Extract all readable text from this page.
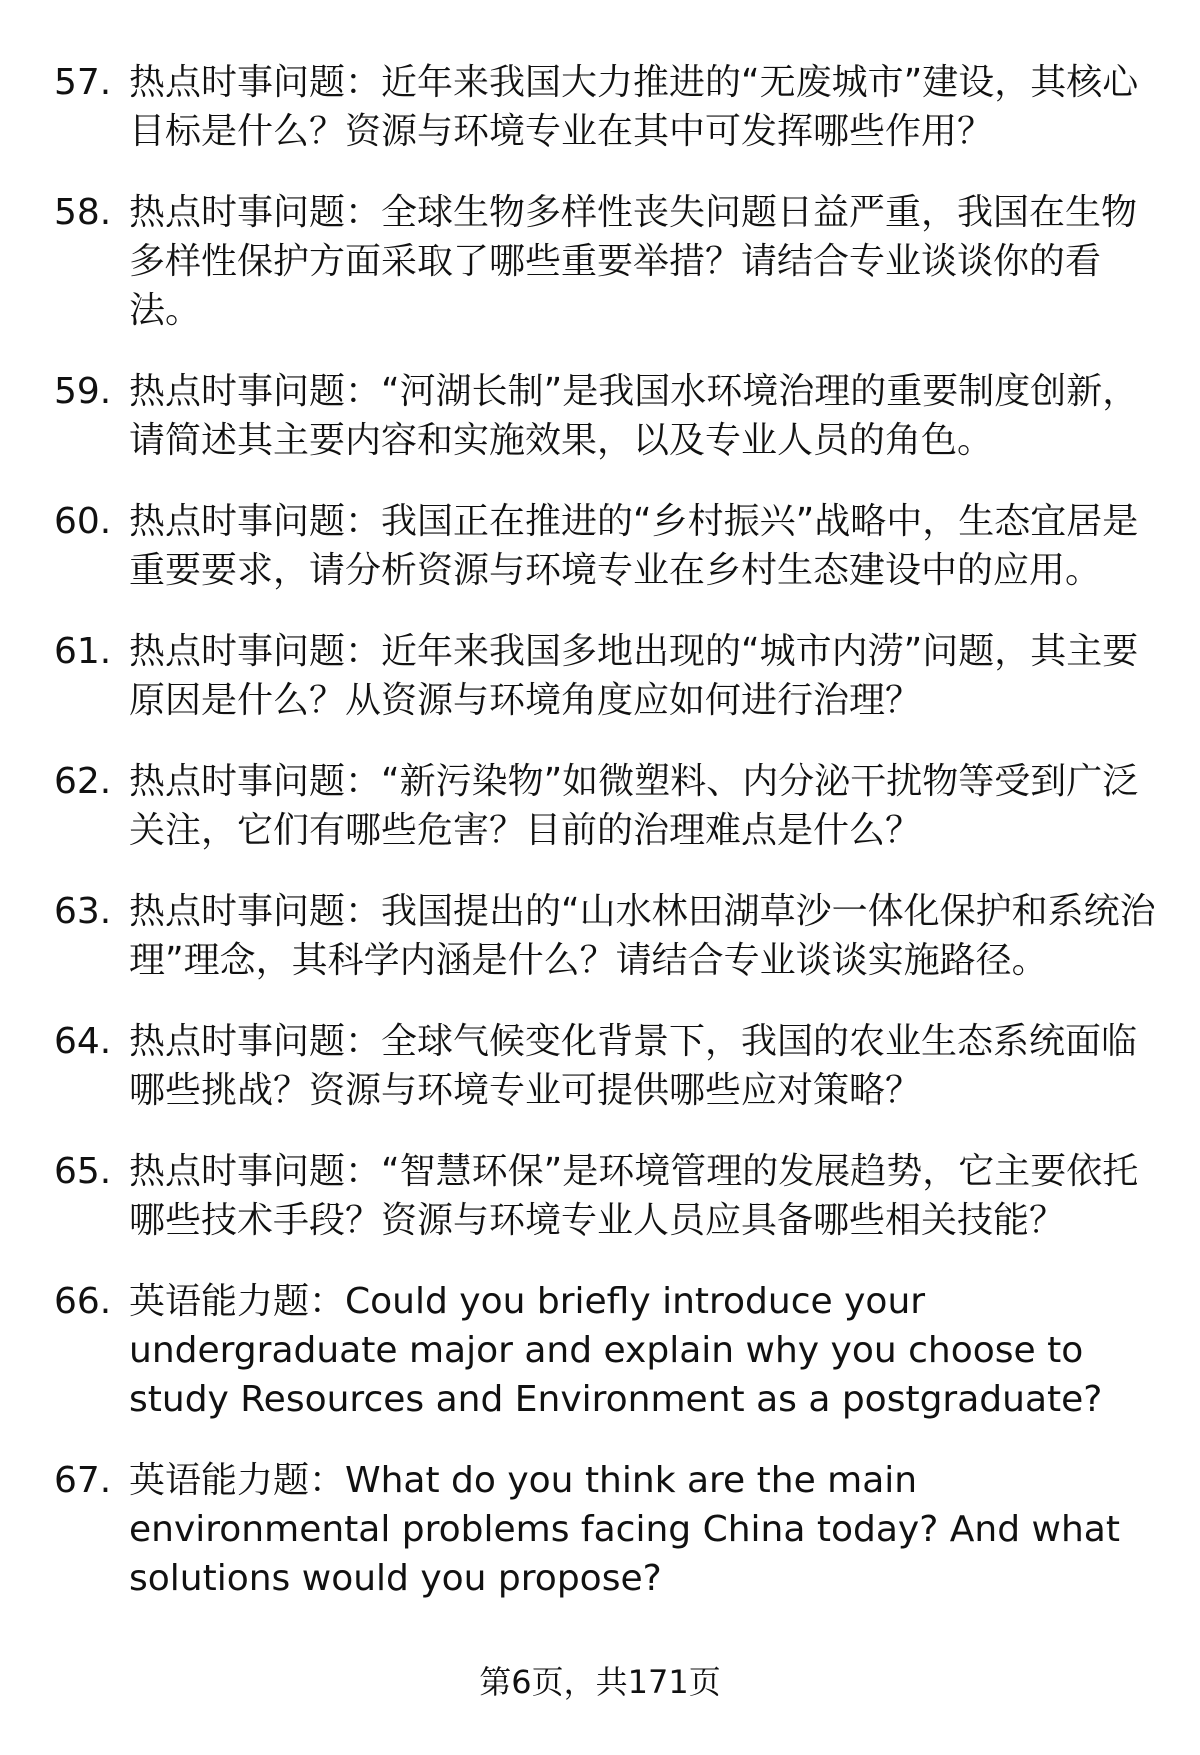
57. 热点时事问题：近年来我国大力推进的“无废城市”建设，其核心目标是什么？资源与环境专业在其中可发挥哪些作用？
58. 热点时事问题：全球生物多样性丧失问题日益严重，我国在生物多样性保护方面采取了哪些重要举措？请结合专业谈谈你的看法。
59. 热点时事问题：“河湖长制”是我国水环境治理的重要制度创新，请简述其主要内容和实施效果，以及专业人员的角色。
60. 热点时事问题：我国正在推进的“乡村振兴”战略中，生态宜居是重要要求，请分析资源与环境专业在乡村生态建设中的应用。
61. 热点时事问题：近年来我国多地出现的“城市内涝”问题，其主要原因是什么？从资源与环境角度应如何进行治理？
62. 热点时事问题：“新污染物”如微塑料、内分泌干扰物等受到广泛关注，它们有哪些危害？目前的治理难点是什么？
63. 热点时事问题：我国提出的“山水林田湖草沙一体化保护和系统治理”理念，其科学内涵是什么？请结合专业谈谈实施路径。
64. 热点时事问题：全球气候变化背景下，我国的农业生态系统面临哪些挑战？资源与环境专业可提供哪些应对策略？
65. 热点时事问题：“智慧环保”是环境管理的发展趋势，它主要依托哪些技术手段？资源与环境专业人员应具备哪些相关技能？
66. 英语能力题：Could you briefly introduce your undergraduate major and explain why you choose to study Resources and Environment as a postgraduate?
67. 英语能力题：What do you think are the main environmental problems facing China today? And what solutions would you propose?
第6页，共171页
